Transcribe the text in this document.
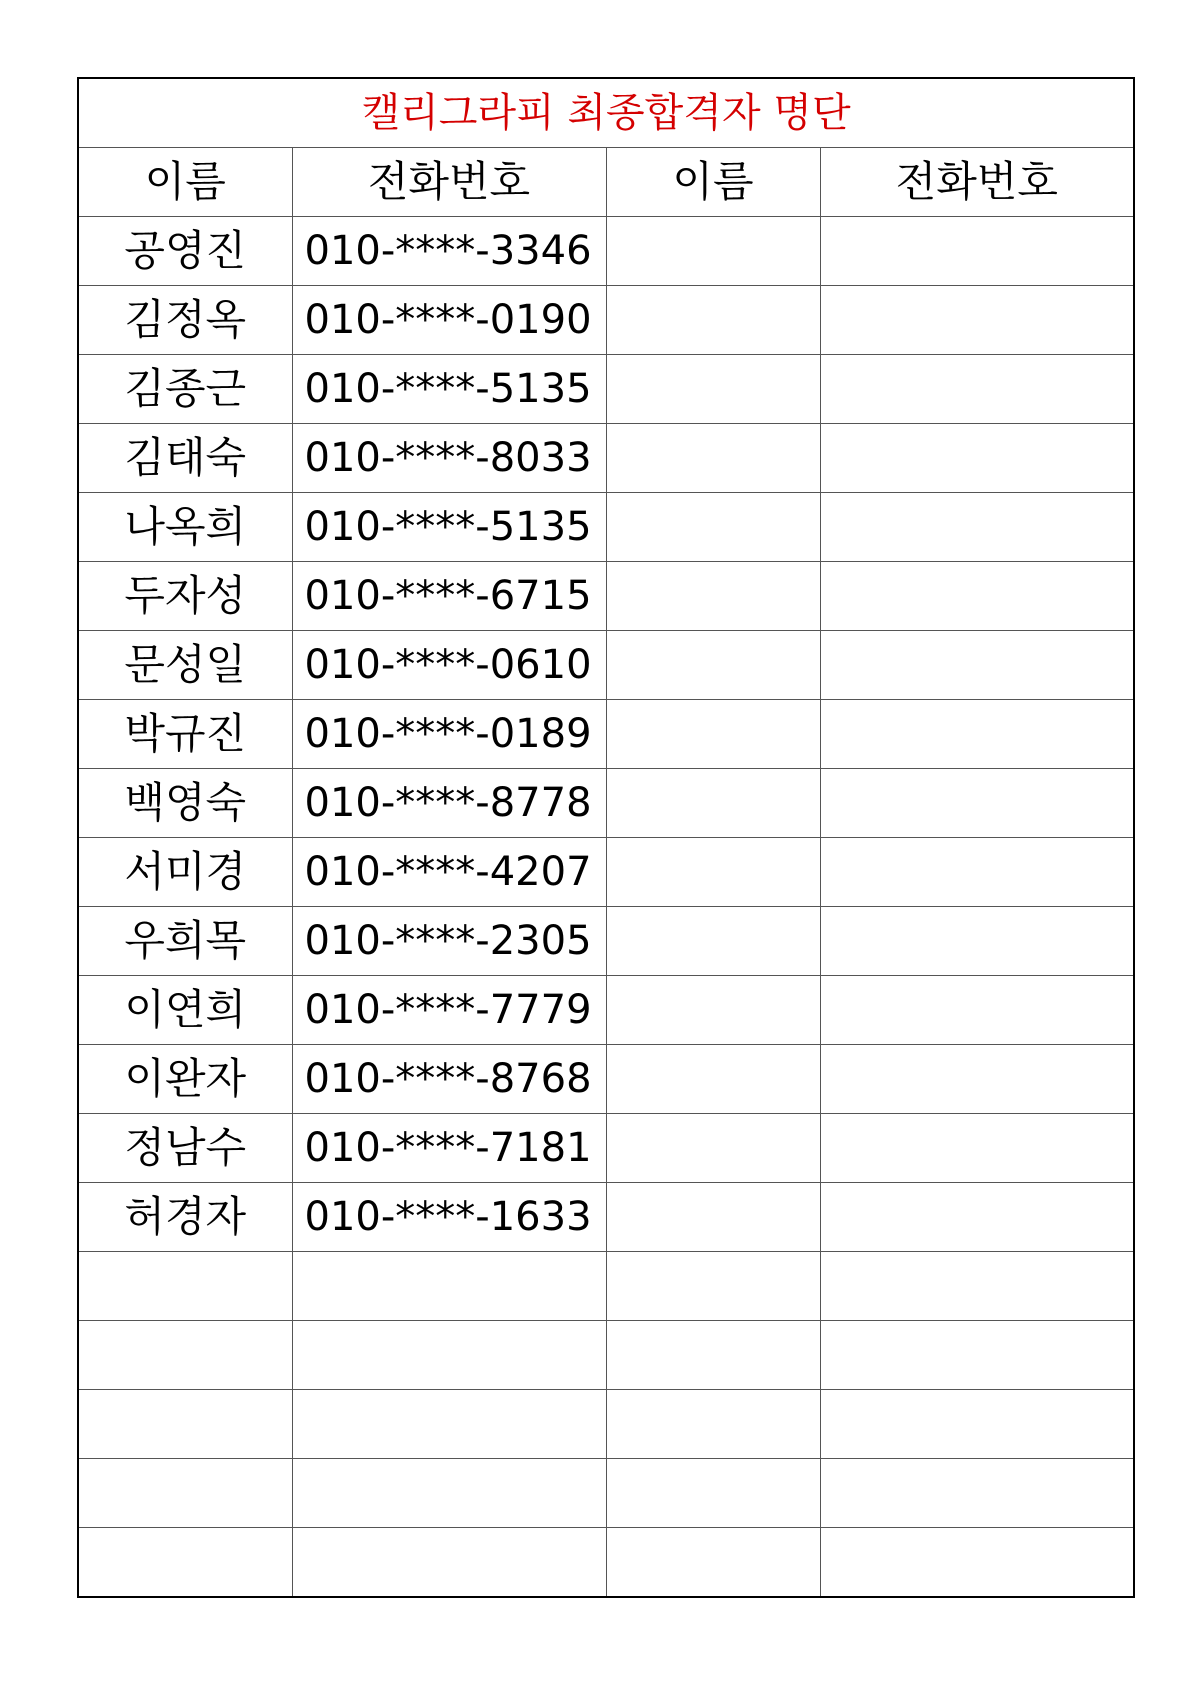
캘리그라피 최종합격자 명단			
이름	전화번호	이름	전화번호
공영진	010-****-3346		
김정옥	010-****-0190		
김종근	010-****-5135		
김태숙	010-****-8033		
나옥희	010-****-5135		
두자성	010-****-6715		
문성일	010-****-0610		
박규진	010-****-0189		
백영숙	010-****-8778		
서미경	010-****-4207		
우희목	010-****-2305		
이연희	010-****-7779		
이완자	010-****-8768		
정남수	010-****-7181		
허경자	010-****-1633		
